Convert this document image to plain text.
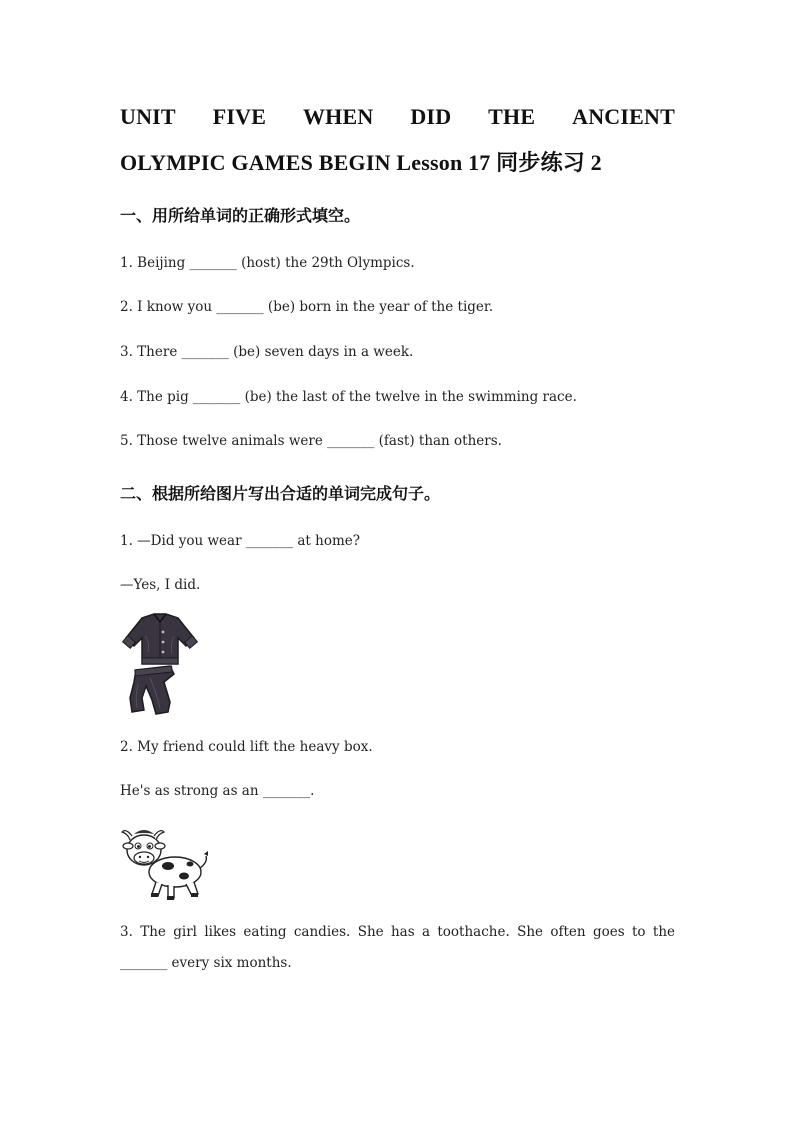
UNIT FIVE WHEN DID THE ANCIENT
OLYMPIC GAMES BEGIN Lesson 17 同步练习 2
一、用所给单词的正确形式填空。
1. Beijing _______ (host) the 29th Olympics.
2. I know you _______ (be) born in the year of the tiger.
3. There _______ (be) seven days in a week.
4. The pig _______ (be) the last of the twelve in the swimming race.
5. Those twelve animals were _______ (fast) than others.
二、根据所给图片写出合适的单词完成句子。
1. —Did you wear _______ at home?
—Yes, I did.
2. My friend could lift the heavy box.
He's as strong as an _______.
3. The girl likes eating candies. She has a toothache. She often goes to the _______ every six months.
